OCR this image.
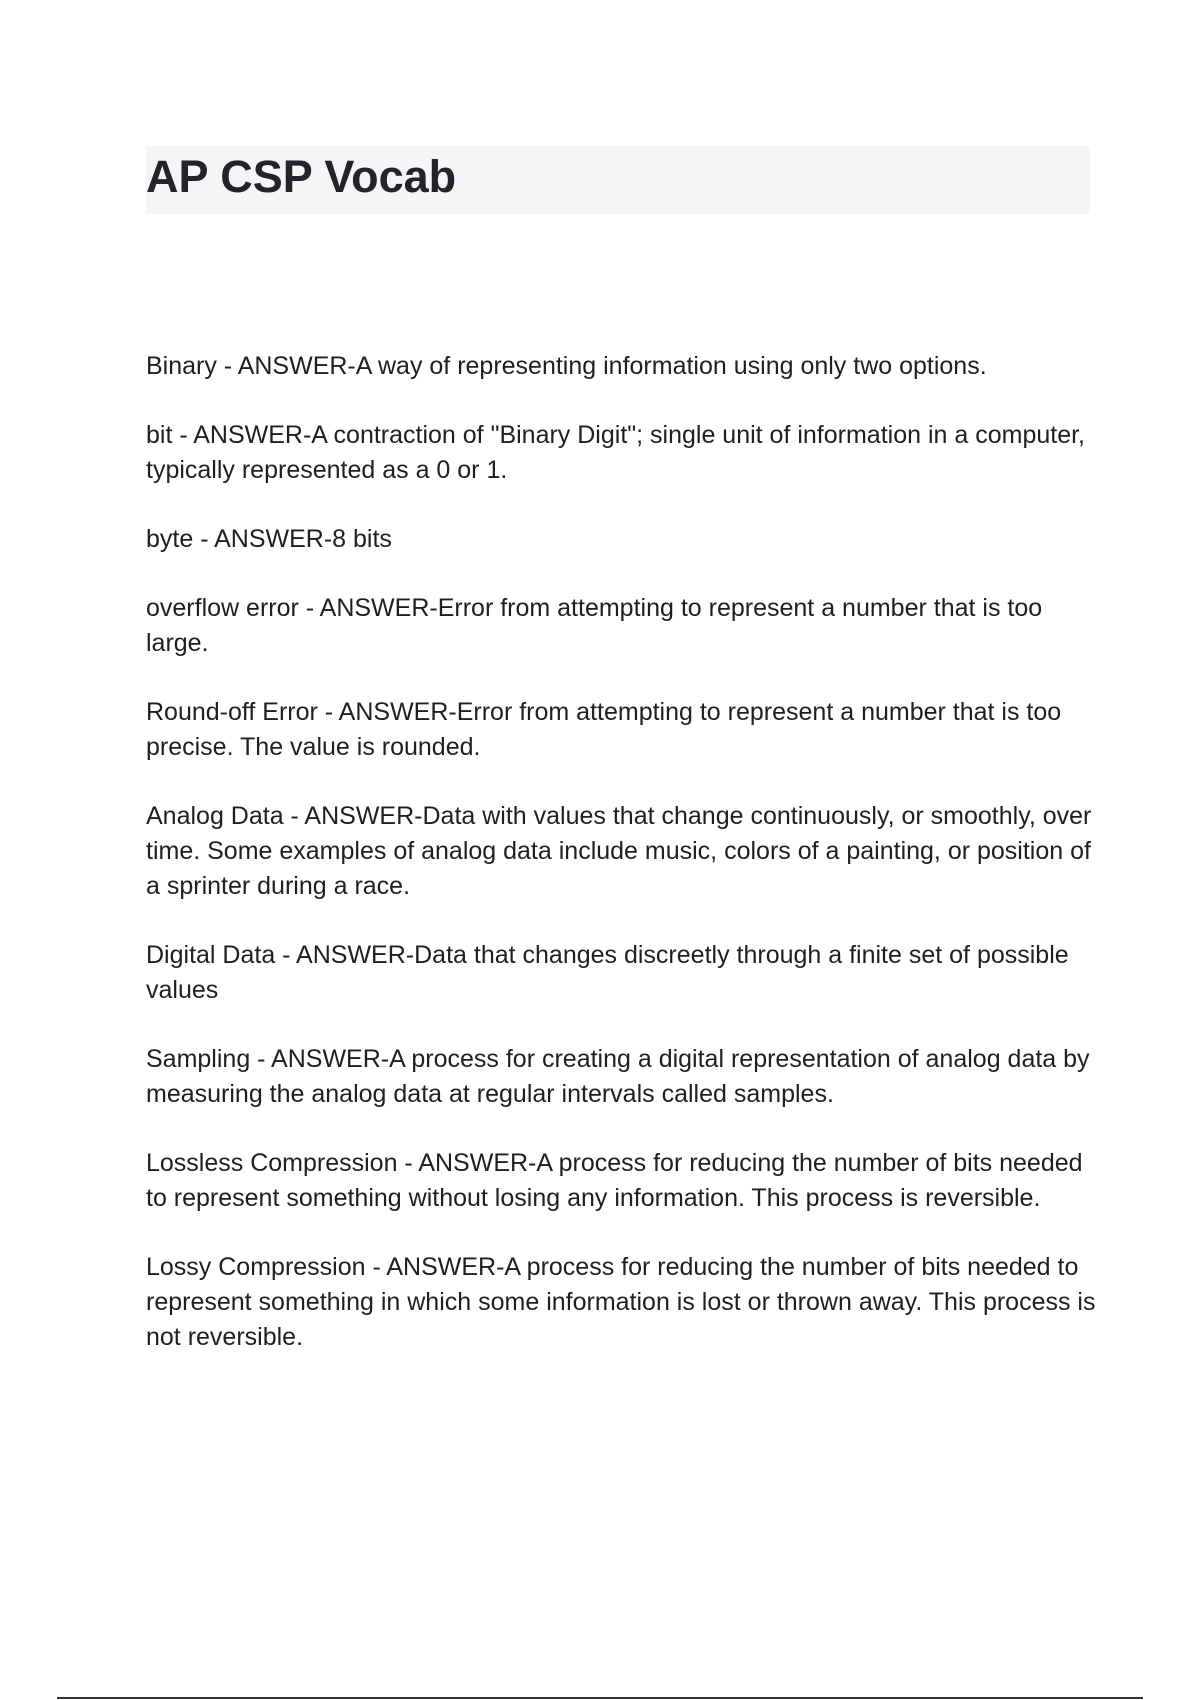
AP CSP Vocab
Binary - ANSWER-A way of representing information using only two options.
bit - ANSWER-A contraction of "Binary Digit"; single unit of information in a computer, typically represented as a 0 or 1.
byte - ANSWER-8 bits
overflow error - ANSWER-Error from attempting to represent a number that is too large.
Round-off Error - ANSWER-Error from attempting to represent a number that is too precise. The value is rounded.
Analog Data - ANSWER-Data with values that change continuously, or smoothly, over time. Some examples of analog data include music, colors of a painting, or position of a sprinter during a race.
Digital Data - ANSWER-Data that changes discreetly through a finite set of possible values
Sampling - ANSWER-A process for creating a digital representation of analog data by measuring the analog data at regular intervals called samples.
Lossless Compression - ANSWER-A process for reducing the number of bits needed to represent something without losing any information. This process is reversible.
Lossy Compression - ANSWER-A process for reducing the number of bits needed to represent something in which some information is lost or thrown away. This process is not reversible.
